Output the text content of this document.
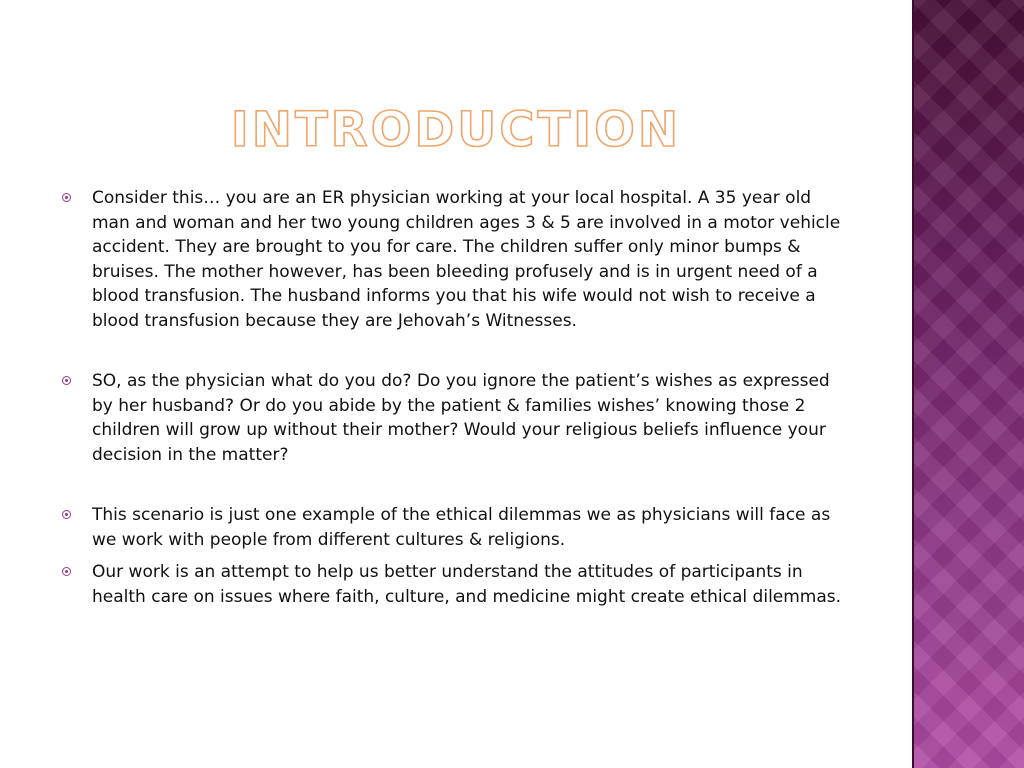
INTRODUCTION
Consider this… you are an ER physician working at your local hospital. A 35 year old man and woman and her two young children ages 3 & 5 are involved in a motor vehicle accident. They are brought to you for care. The children suffer only minor bumps & bruises. The mother however, has been bleeding profusely and is in urgent need of a blood transfusion. The husband informs you that his wife would not wish to receive a blood transfusion because they are Jehovah’s Witnesses.
SO, as the physician what do you do? Do you ignore the patient’s wishes as expressed by her husband? Or do you abide by the patient & families wishes’ knowing those 2 children will grow up without their mother? Would your religious beliefs influence your decision in the matter?
This scenario is just one example of the ethical dilemmas we as physicians will face as we work with people from different cultures & religions.
Our work is an attempt to help us better understand the attitudes of participants in health care on issues where faith, culture, and medicine might create ethical dilemmas.
